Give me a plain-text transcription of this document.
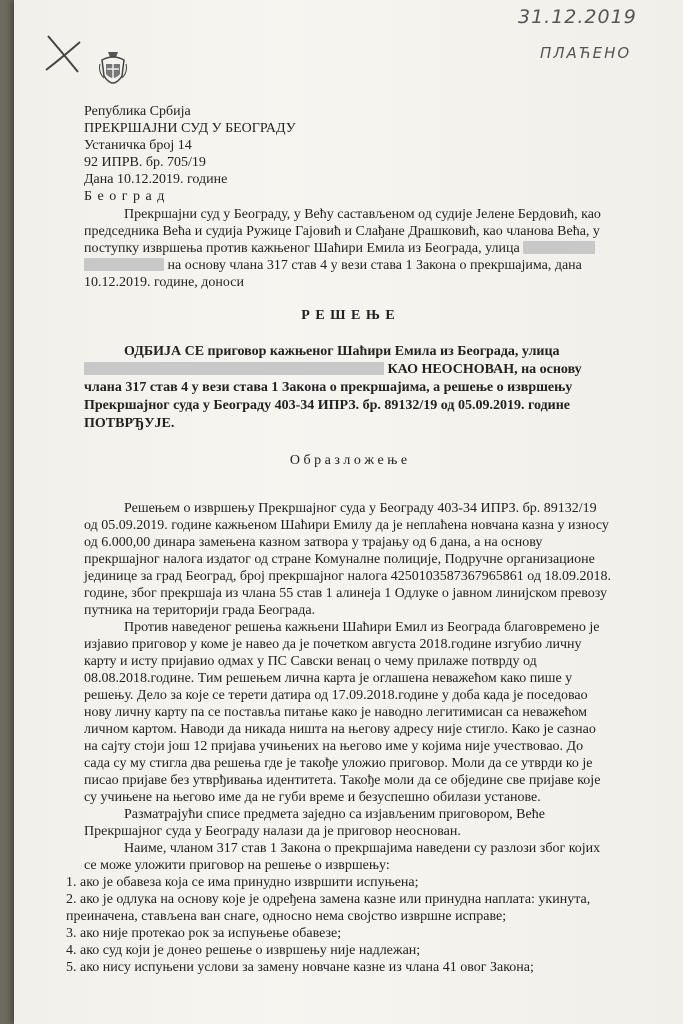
31.12.2019
ПЛАЋЕНО
Република Србија
ПРЕКРШАЈНИ СУД У БЕОГРАДУ
Устаничка број 14
92 ИПРВ. бр. 705/19
Дана 10.12.2019. године
Б е о г р а д
Прекршајни суд у Београду, у Већу састављеном од судије Јелене Бердовић, као
председника Већа и судија Ружице Гајовић и Слађане Драшковић, као чланова Већа, у
поступку извршења против кажњеног Шаћири Емила из Београда, улица
на основу члана 317 став 4 у вези става 1 Закона о прекршајима, дана
10.12.2019. године, доноси
Р Е Ш Е Њ Е
ОДБИЈА СЕ приговор кажњеног Шаћири Емила из Београда, улица
КАО НЕОСНОВАН, на основу
члана 317 став 4 у вези става 1 Закона о прекршајима, а решење о извршењу
Прекршајног суда у Београду 403-34 ИПРЗ. бр. 89132/19 од 05.09.2019. године
ПОТВРЂУЈЕ.
О б р а з л о ж е њ е
Решењем о извршењу Прекршајног суда у Београду 403-34 ИПРЗ. бр. 89132/19
од 05.09.2019. године кажњеном Шаћири Емилу да је неплаћена новчана казна у износу
од 6.000,00 динара замењена казном затвора у трајању од 6 дана, а на основу
прекршајног налога издатог од стране Комуналне полиције, Подручне организационе
јединице за град Београд, број прекршајног налога 4250103587367965861 од 18.09.2018.
године, због прекршаја из члана 55 став 1 алинеја 1 Одлуке о јавном линијском превозу
путника на територији града Београда.
Против наведеног решења кажњени Шаћири Емил из Београда благовремено је
изјавио приговор у коме је навео да је почетком августа 2018.године изгубио личну
карту и исту пријавио одмах у ПС Савски венац о чему прилаже потврду од
08.08.2018.године. Тим решењем лична карта је оглашена неважећом како пише у
решењу. Дело за које се терети датира од 17.09.2018.године у доба када је поседовао
нову личну карту па се поставља питање како је наводно легитимисан са неважећом
личном картом. Наводи да никада ништа на његову адресу није стигло. Како је сазнао
на сајту стоји још 12 пријава учињених на његово име у којима није учествовао. До
сада су му стигла два решења где је такође уложио приговор. Моли да се утврди ко је
писао пријаве без утврђивања идентитета. Такође моли да се обједине све пријаве које
су учињене на његово име да не губи време и безуспешно обилази установе.
Разматрајући списе предмета заједно са изјављеним приговором, Веће
Прекршајног суда у Београду налази да је приговор неоснован.
Наиме, чланом 317 став 1 Закона о прекршајима наведени су разлози због којих
се може уложити приговор на решење о извршењу:
1. ако је обавеза која се има принудно извршити испуњена;
2. ако је одлука на основу које је одређена замена казне или принудна наплата: укинута,
преиначена, стављена ван снаге, односно нема својство извршне исправе;
3. ако није протекао рок за испуњење обавезе;
4. ако суд који је донео решење о извршењу није надлежан;
5. ако нису испуњени услови за замену новчане казне из члана 41 овог Закона;
